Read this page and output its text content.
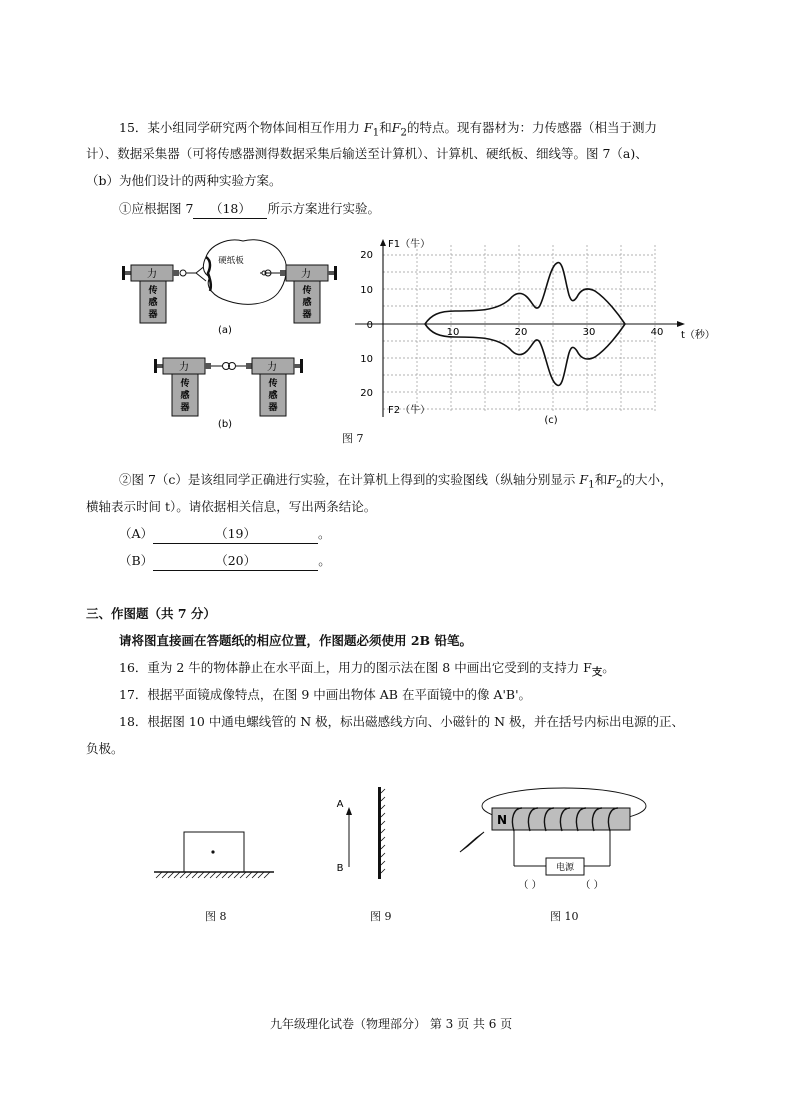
15．某小组同学研究两个物体间相互作用力 $F_1$和$F_2$的特点。现有器材为：力传感器（相当于测力
计）、数据采集器（可将传感器测得数据采集后输送至计算机）、计算机、硬纸板、细线等。图 7（a)、
（b）为他们设计的两种实验方案。
①应根据图 7 （18） 所示方案进行实验。
力
传
感
器
硬纸板
力
传
感
器
(a)
力
传
感
器
力
传
感
器
(b)
F1（牛）
F2（牛）
t（秒）
20
10
0
10
20
10	20	30	40
(c)
图 7
②图 7（c）是该组同学正确进行实验，在计算机上得到的实验图线（纵轴分别显示 $F_1$和$F_2$的大小，
横轴表示时间 t）。请依据相关信息，写出两条结论。
（A）	（19）	。
（B）	（20）	。
三、作图题（共 7 分）
请将图直接画在答题纸的相应位置，作图题必须使用 2B 铅笔。
16．重为 2 牛的物体静止在水平面上，用力的图示法在图 8 中画出它受到的支持力 $F_支$。
17．根据平面镜成像特点，在图 9 中画出物体 AB 在平面镜中的像 A'B'。
18．根据图 10 中通电螺线管的 N 极，标出磁感线方向、小磁针的 N 极，并在括号内标出电源的正、
负极。
图 8
A
B
图 9
N
电源
（ ）	（ ）
图 10
九年级理化试卷（物理部分） 第 3 页 共 6 页
